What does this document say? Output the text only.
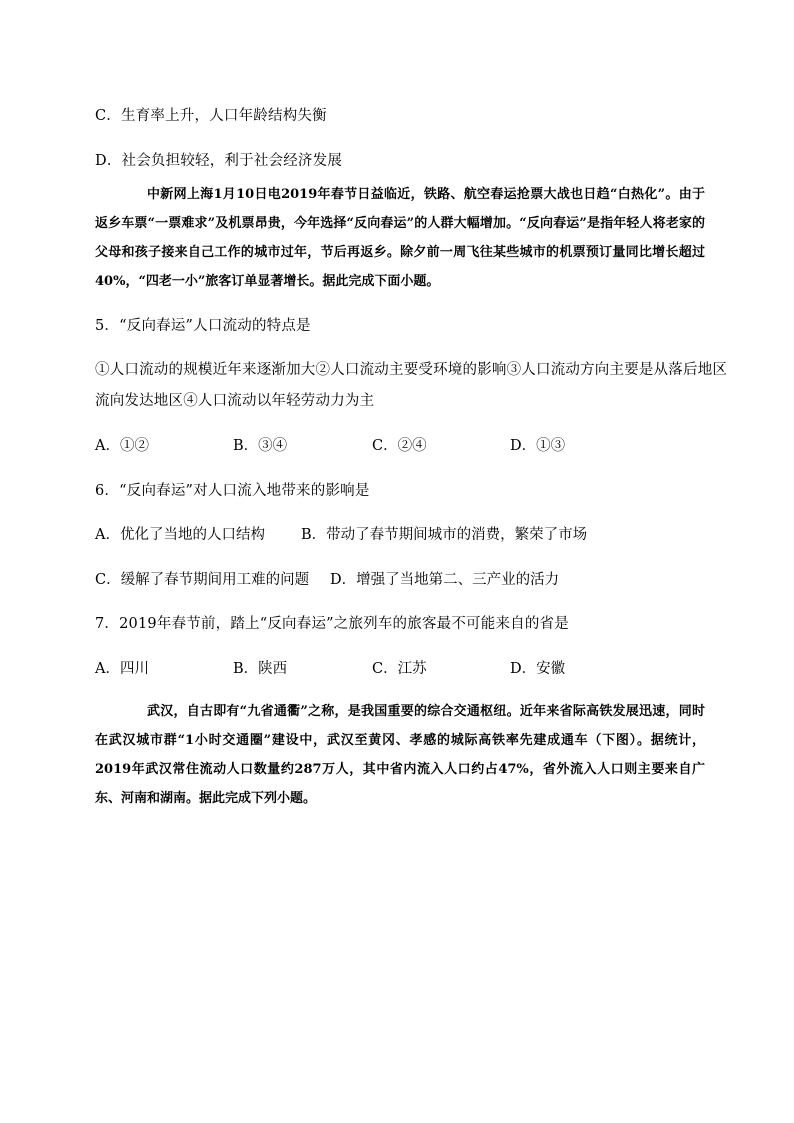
C．生育率上升，人口年龄结构失衡
D．社会负担较轻，利于社会经济发展
中新网上海1月10日电2019年春节日益临近，铁路、航空春运抢票大战也日趋“白热化”。由于返乡车票“一票难求”及机票昂贵，今年选择“反向春运”的人群大幅增加。“反向春运”是指年轻人将老家的父母和孩子接来自己工作的城市过年，节后再返乡。除夕前一周飞往某些城市的机票预订量同比增长超过40%，“四老一小”旅客订单显著增长。据此完成下面小题。
5．“反向春运”人口流动的特点是
①人口流动的规模近年来逐渐加大②人口流动主要受环境的影响③人口流动方向主要是从落后地区
流向发达地区④人口流动以年轻劳动力为主
A．①②	B．③④	C．②④	D．①③
6．“反向春运”对人口流入地带来的影响是
A．优化了当地的人口结构 B．带动了春节期间城市的消费，繁荣了市场
C．缓解了春节期间用工难的问题 D．增强了当地第二、三产业的活力
7．2019年春节前，踏上“反向春运”之旅列车的旅客最不可能来自的省是
A．四川	B．陕西	C．江苏	D．安徽
武汉，自古即有“九省通衢”之称，是我国重要的综合交通枢纽。近年来省际高铁发展迅速，同时在武汉城市群“1小时交通圈”建设中，武汉至黄冈、孝感的城际高铁率先建成通车（下图）。据统计，2019年武汉常住流动人口数量约287万人，其中省内流入人口约占47%，省外流入人口则主要来自广东、河南和湖南。据此完成下列小题。
